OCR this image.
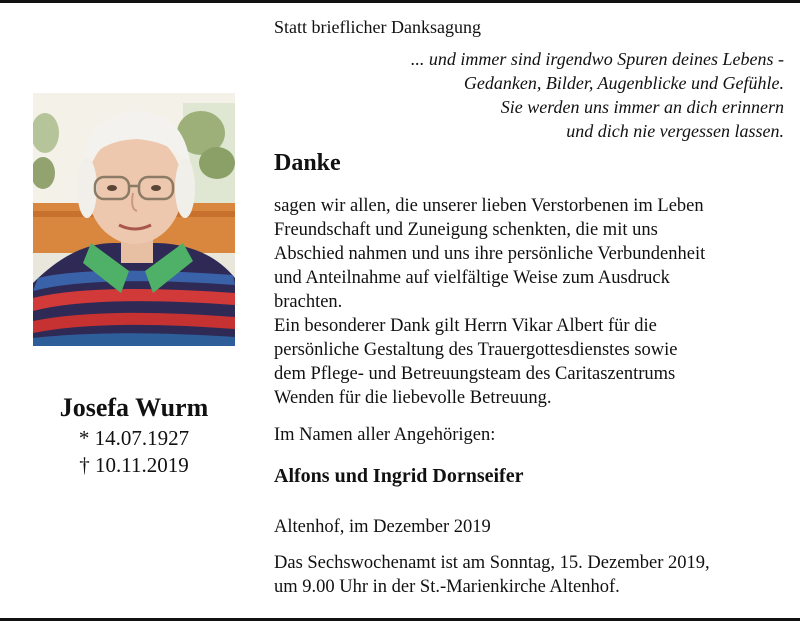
Josefa Wurm
* 14.07.1927
† 10.11.2019

Statt brieflicher Danksagung

... und immer sind irgendwo Spuren deines Lebens -
Gedanken, Bilder, Augenblicke und Gefühle.
Sie werden uns immer an dich erinnern
und dich nie vergessen lassen.
Danke

sagen wir allen, die unserer lieben Verstorbenen im Leben

Freundschaft und Zuneigung schenkten, die mit uns

Abschied nahmen und uns ihre persönliche Verbundenheit

und Anteilnahme auf vielfältige Weise zum Ausdruck

brachten.

Ein besonderer Dank gilt Herrn Vikar Albert für die

persönliche Gestaltung des Trauergottesdienstes sowie

dem Pflege- und Betreuungsteam des Caritaszentrums

Wenden für die liebevolle Betreuung.

Im Namen aller Angehörigen:
Alfons und Ingrid Dornseifer
Altenhof, im Dezember 2019

Das Sechswochenamt ist am Sonntag, 15. Dezember 2019,

um 9.00 Uhr in der St.-Marienkirche Altenhof.
